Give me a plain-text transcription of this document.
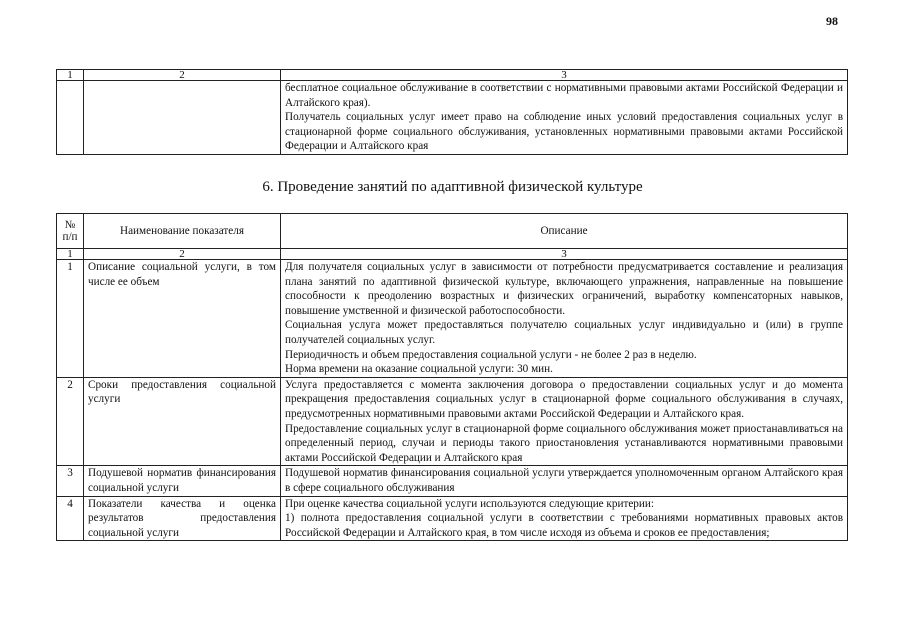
98
1	2	3

		бесплатное социальное обслуживание в соответствии с нормативными правовыми актами Российской Федерации и Алтайского края).

Получатель социальных услуг имеет право на соблюдение иных условий предоставления социальных услуг в стационарной форме социального обслуживания, установленных нормативными правовыми актами Российской Федерации и Алтайского края

6. Проведение занятий по адаптивной физической культуре
№ п/п	Наименование показателя	Описание
1	2	3
1	Описание социальной услуги, в том числе ее объем	Для получателя социальных услуг в зависимости от потребности предусматривается составление и реализация плана занятий по адаптивной физической культуре, включающего упражнения, направленные на повышение способности к преодолению возрастных и физических ограничений, выработку компенсаторных навыков, повышение умственной и физической работоспособности.

Социальная услуга может предоставляться получателю социальных услуг индивидуально и (или) в группе получателей социальных услуг.

Периодичность и объем предоставления социальной услуги - не более 2 раз в неделю.

Норма времени на оказание социальной услуги: 30 мин.

2	Сроки предоставления социальной услуги	Услуга предоставляется с момента заключения договора о предоставлении социальных услуг и до момента прекращения предоставления социальных услуг в стационарной форме социального обслуживания в случаях, предусмотренных нормативными правовыми актами Российской Федерации и Алтайского края.

Предоставление социальных услуг в стационарной форме социального обслуживания может приостанавливаться на определенный период, случаи и периоды такого приостановления устанавливаются нормативными правовыми актами Российской Федерации и Алтайского края

3	Подушевой норматив финансирования социальной услуги	Подушевой норматив финансирования социальной услуги утверждается уполномоченным органом Алтайского края в сфере социального обслуживания

4	Показатели качества и оценка результатов предоставления социальной услуги	При оценке качества социальной услуги используются следующие критерии:

1) полнота предоставления социальной услуги в соответствии с требованиями нормативных правовых актов Российской Федерации и Алтайского края, в том числе исходя из объема и сроков ее предоставления;
